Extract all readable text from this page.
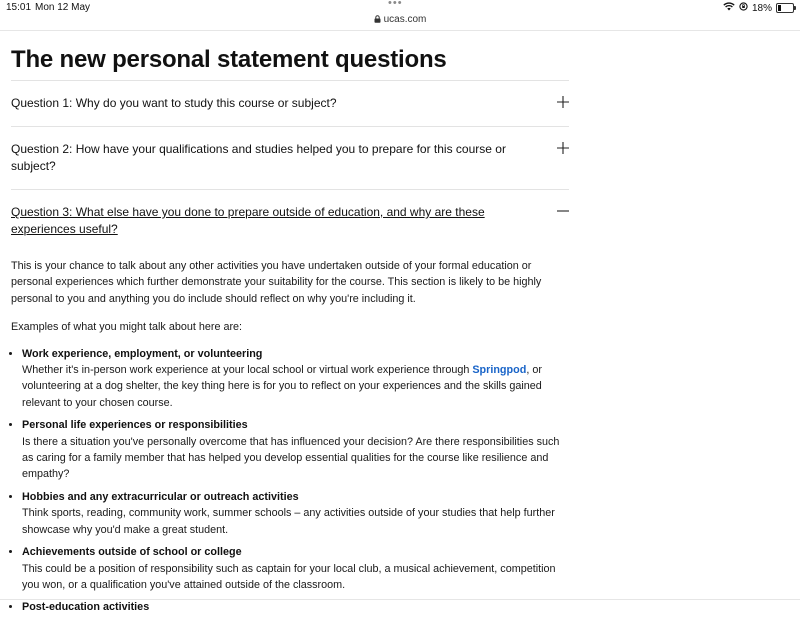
15:01 Mon 12 May	•••
ucas.com
18%
The new personal statement questions
Question 1: Why do you want to study this course or subject?
Question 2: How have your qualifications and studies helped you to prepare for this course or subject?
Question 3: What else have you done to prepare outside of education, and why are these experiences useful?

This is your chance to talk about any other activities you have undertaken outside of your formal education or personal experiences which further demonstrate your suitability for the course. This section is likely to be highly personal to you and anything you do include should reflect on why you're including it.

Examples of what you might talk about here are:

• Work experience, employment, or volunteering
Whether it's in-person work experience at your local school or virtual work experience through Springpod, or volunteering at a dog shelter, the key thing here is for you to reflect on your experiences and the skills gained relevant to your chosen course.
• Personal life experiences or responsibilities
Is there a situation you've personally overcome that has influenced your decision? Are there responsibilities such as caring for a family member that has helped you develop essential qualities for the course like resilience and empathy?
• Hobbies and any extracurricular or outreach activities
Think sports, reading, community work, summer schools – any activities outside of your studies that help further showcase why you'd make a great student.
• Achievements outside of school or college
This could be a position of responsibility such as captain for your local club, a musical achievement, competition you won, or a qualification you've attained outside of the classroom.
• Post-education activities
